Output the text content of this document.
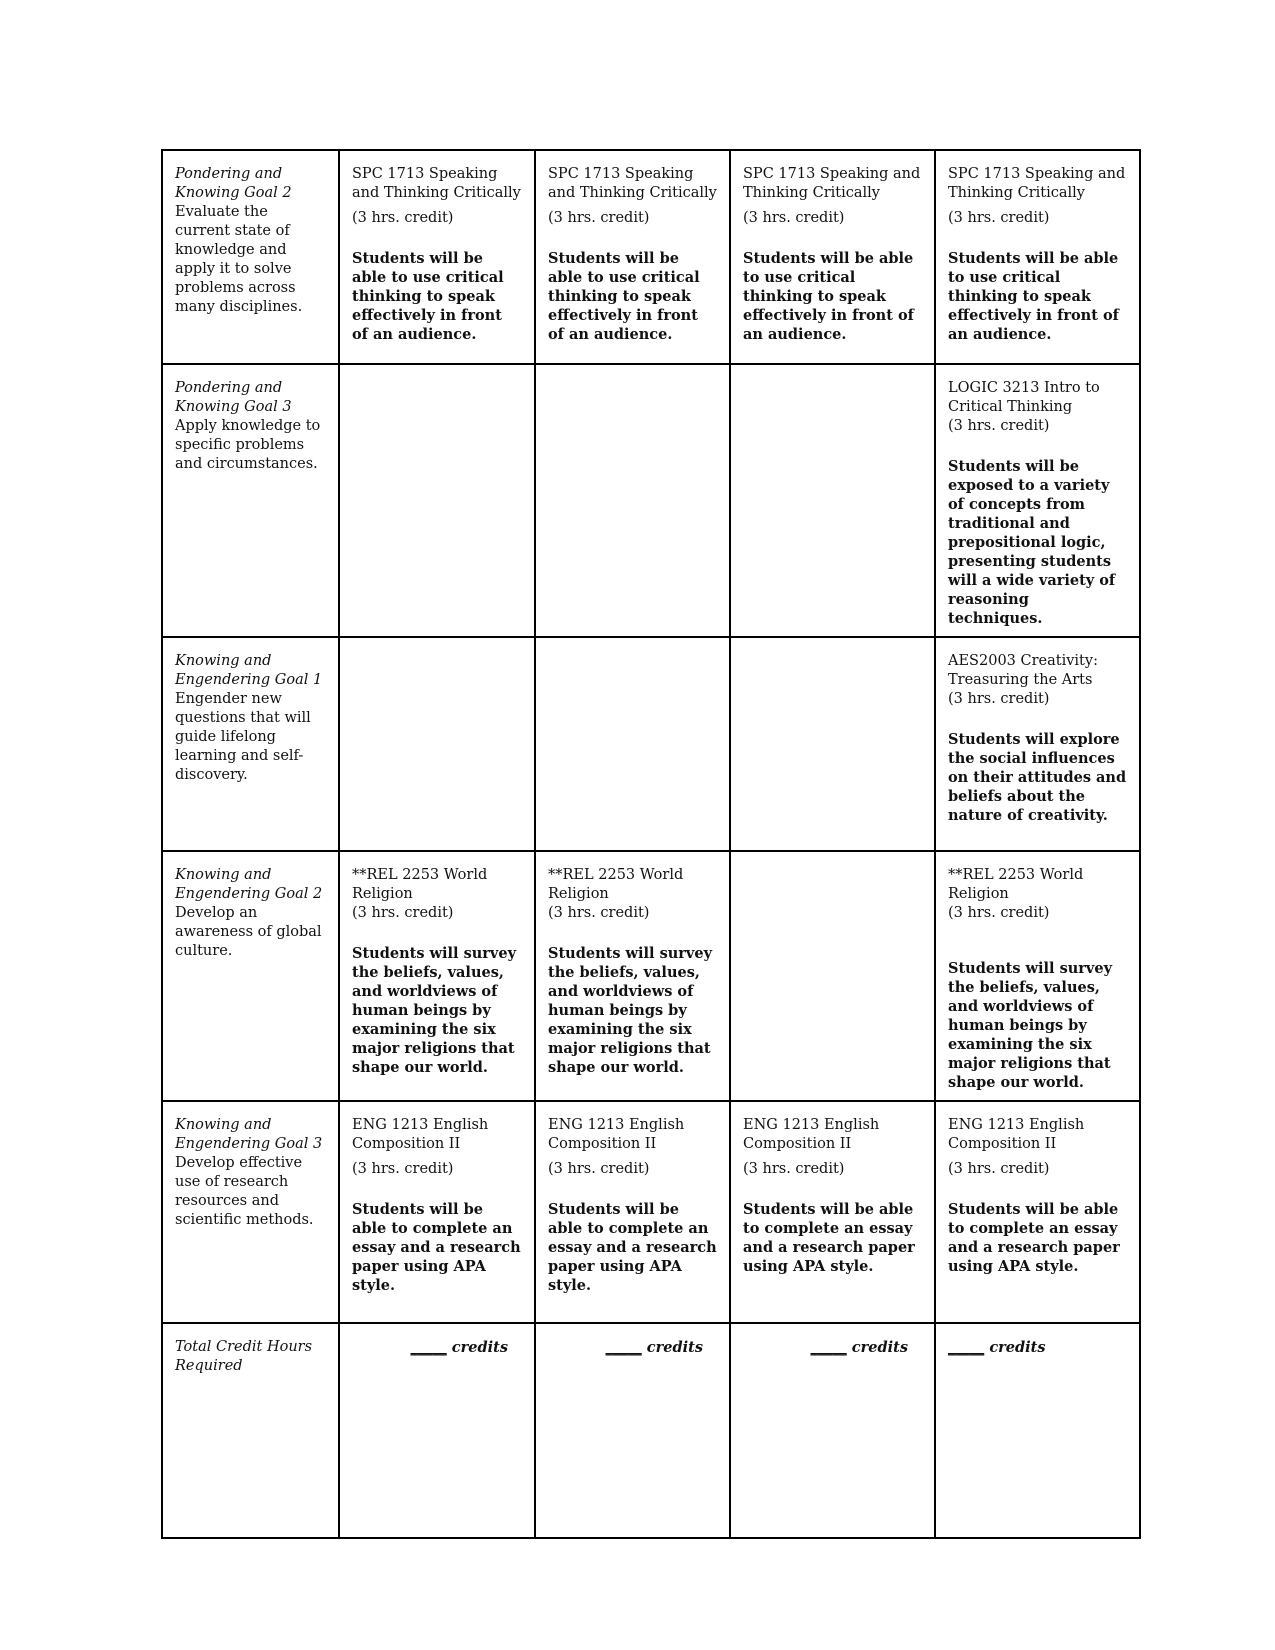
Pondering and Knowing Goal 2
Evaluate the current state of knowledge and apply it to solve problems across many disciplines.	SPC 1713 Speaking and Thinking Critically
(3 hrs. credit)
Students will be able to use critical thinking to speak effectively in front of an audience.	SPC 1713 Speaking and Thinking Critically
(3 hrs. credit)
Students will be able to use critical thinking to speak effectively in front of an audience.	SPC 1713 Speaking and Thinking Critically
(3 hrs. credit)
Students will be able to use critical thinking to speak effectively in front of an audience.	SPC 1713 Speaking and Thinking Critically
(3 hrs. credit)
Students will be able to use critical thinking to speak effectively in front of an audience.

Pondering and Knowing Goal 3
Apply knowledge to specific problems and circumstances.				LOGIC 3213 Intro to Critical Thinking
(3 hrs. credit)
Students will be exposed to a variety of concepts from traditional and prepositional logic, presenting students will a wide variety of reasoning techniques.

Knowing and Engendering Goal 1
Engender new questions that will guide lifelong learning and self-discovery.				AES2003 Creativity: Treasuring the Arts
(3 hrs. credit)
Students will explore the social influences on their attitudes and beliefs about the nature of creativity.

Knowing and Engendering Goal 2
Develop an awareness of global culture.	**REL 2253 World Religion
(3 hrs. credit)
Students will survey the beliefs, values, and worldviews of human beings by examining the six major religions that shape our world.	**REL 2253 World Religion
(3 hrs. credit)
Students will survey the beliefs, values, and worldviews of human beings by examining the six major religions that shape our world.		**REL 2253 World Religion
(3 hrs. credit)
Students will survey the beliefs, values, and worldviews of human beings by examining the six major religions that shape our world.

Knowing and Engendering Goal 3
Develop effective use of research resources and scientific methods.	ENG 1213 English Composition II
(3 hrs. credit)
Students will be able to complete an essay and a research paper using APA style.	ENG 1213 English Composition II
(3 hrs. credit)
Students will be able to complete an essay and a research paper using APA style.	ENG 1213 English Composition II
(3 hrs. credit)
Students will be able to complete an essay and a research paper using APA style.	ENG 1213 English Composition II
(3 hrs. credit)
Students will be able to complete an essay and a research paper using APA style.

Total Credit Hours Required	_____ credits	_____ credits	_____ credits	_____ credits
